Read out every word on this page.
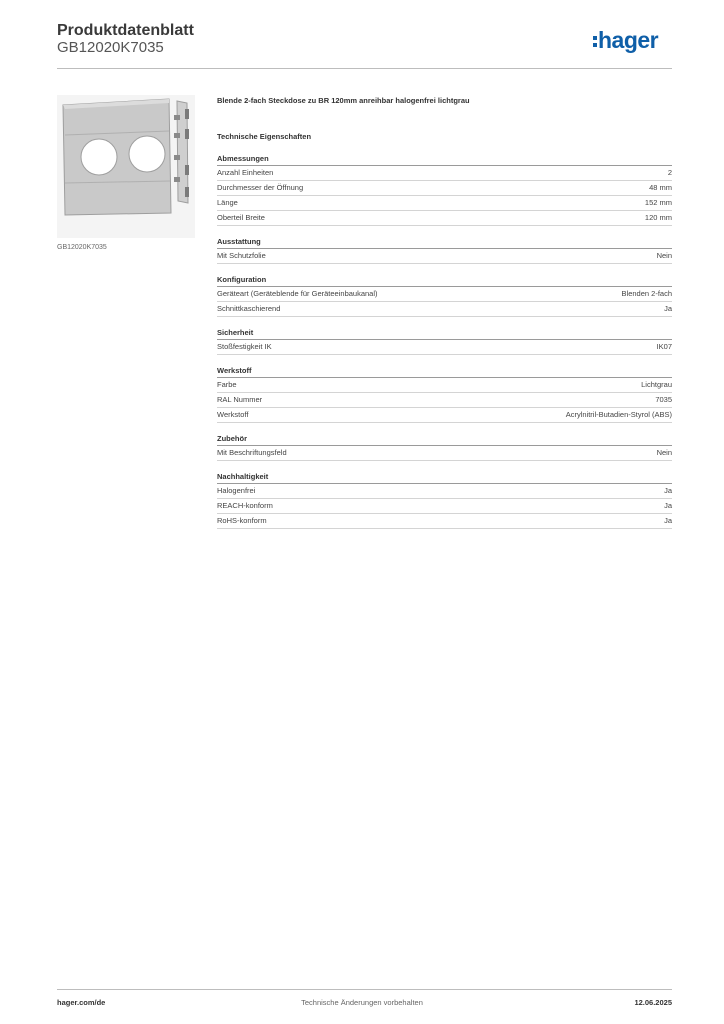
Produktdatenblatt
GB12020K7035	hager
GB12020K7035
Blende 2-fach Steckdose zu BR 120mm anreihbar halogenfrei lichtgrau
Technische Eigenschaften
Abmessungen
Anzahl Einheiten	2
Durchmesser der Öffnung	48 mm
Länge	152 mm
Oberteil Breite	120 mm
Ausstattung
Mit Schutzfolie	Nein
Konfiguration
Geräteart (Geräteblende für Geräteeinbaukanal)	Blenden 2-fach
Schnittkaschierend	Ja
Sicherheit
Stoßfestigkeit IK	IK07
Werkstoff
Farbe	Lichtgrau
RAL Nummer	7035
Werkstoff	Acrylnitril-Butadien-Styrol (ABS)
Zubehör
Mit Beschriftungsfeld	Nein
Nachhaltigkeit
Halogenfrei	Ja
REACH-konform	Ja
RoHS-konform	Ja
hager.com/de	Technische Änderungen vorbehalten	12.06.2025
